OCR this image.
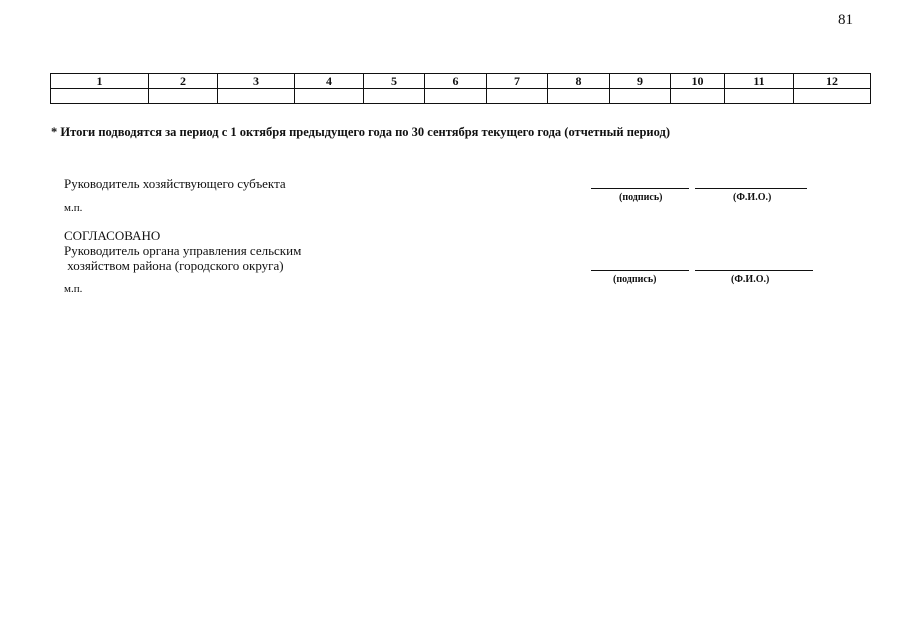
81
1	2	3	4	5	6	7	8	9	10	11	12

* Итоги подводятся за период с 1 октября предыдущего года по 30 сентября текущего года (отчетный период)
Руководитель хозяйствующего субъекта
м.п.
(подпись)	(Ф.И.О.)
СОГЛАСОВАНО
Руководитель органа управления сельским
хозяйством района (городского округа)
м.п.
(подпись)	(Ф.И.О.)
